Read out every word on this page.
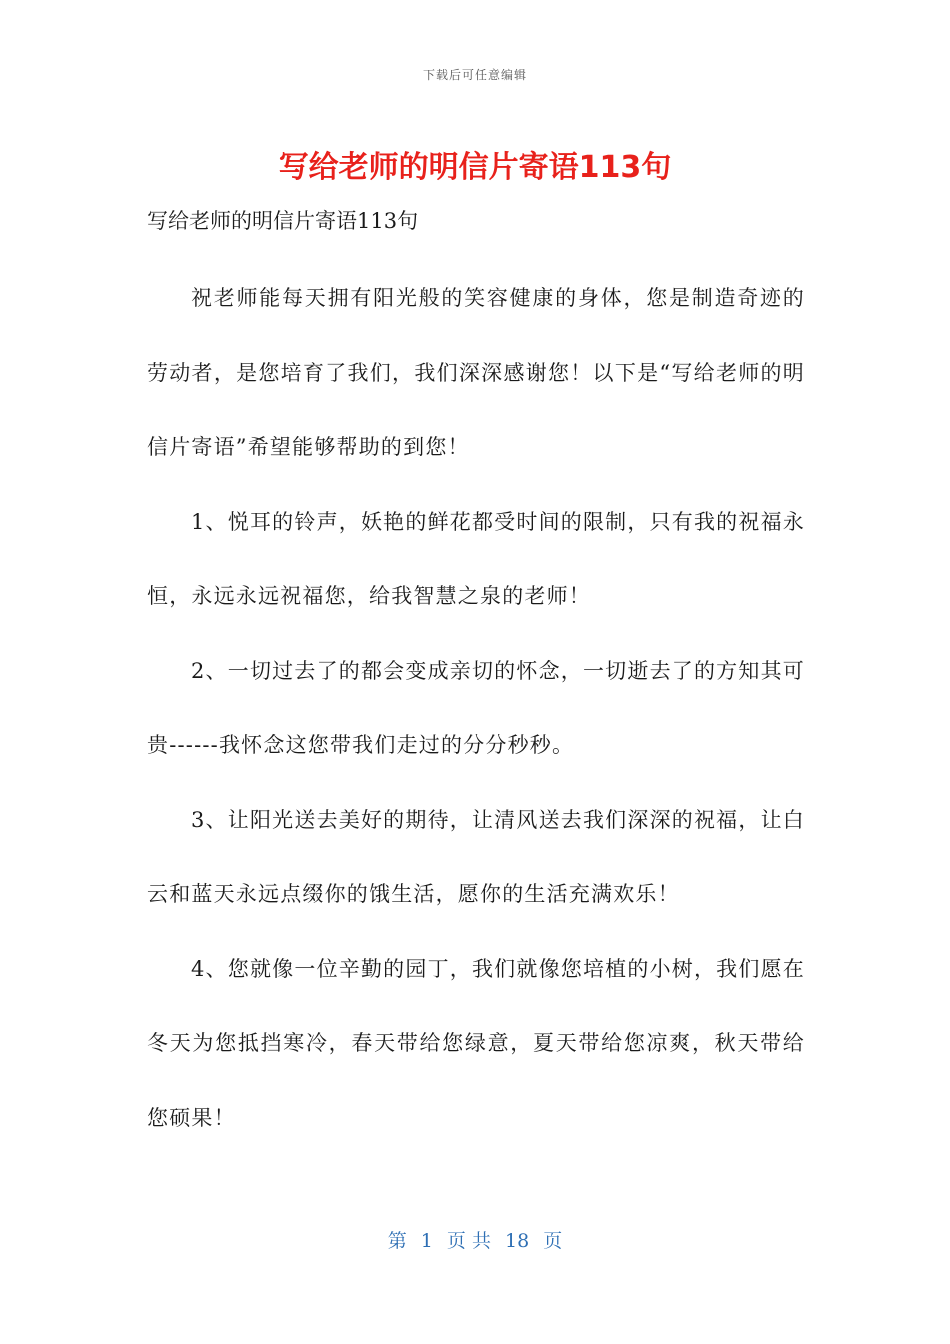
下载后可任意编辑
写给老师的明信片寄语113句

写给老师的明信片寄语113句

祝老师能每天拥有阳光般的笑容健康的身体，您是制造奇迹的劳动者，是您培育了我们，我们深深感谢您！以下是“写给老师的明信片寄语”希望能够帮助的到您！

1、悦耳的铃声，妖艳的鲜花都受时间的限制，只有我的祝福永恒，永远永远祝福您，给我智慧之泉的老师！

2、一切过去了的都会变成亲切的怀念，一切逝去了的方知其可贵------我怀念这您带我们走过的分分秒秒。

3、让阳光送去美好的期待，让清风送去我们深深的祝福，让白云和蓝天永远点缀你的饿生活，愿你的生活充满欢乐！

4、您就像一位辛勤的园丁，我们就像您培植的小树，我们愿在冬天为您抵挡寒冷，春天带给您绿意，夏天带给您凉爽，秋天带给您硕果！

第 1 页 共 18 页
